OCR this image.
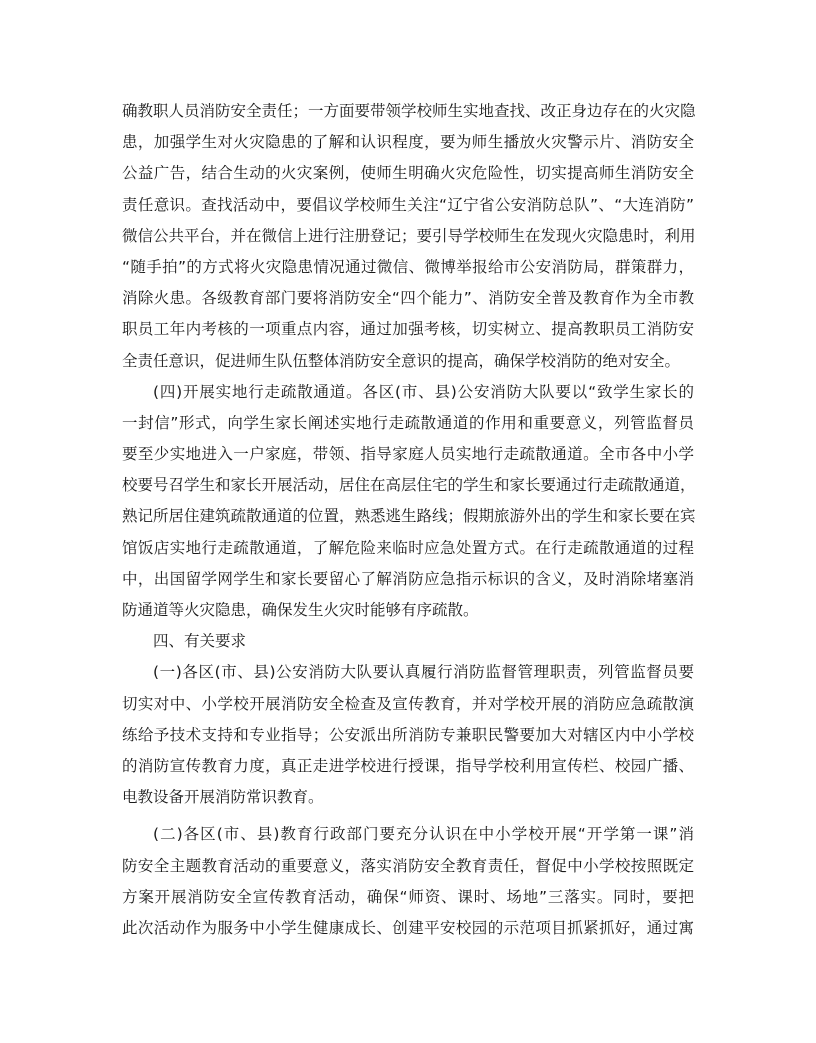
确教职人员消防安全责任；一方面要带领学校师生实地查找、改正身边存在的火灾隐
患，加强学生对火灾隐患的了解和认识程度，要为师生播放火灾警示片、消防安全
公益广告，结合生动的火灾案例，使师生明确火灾危险性，切实提高师生消防安全
责任意识。查找活动中，要倡议学校师生关注“辽宁省公安消防总队”、“大连消防”
微信公共平台，并在微信上进行注册登记；要引导学校师生在发现火灾隐患时，利用
“随手拍”的方式将火灾隐患情况通过微信、微博举报给市公安消防局，群策群力，
消除火患。各级教育部门要将消防安全“四个能力”、消防安全普及教育作为全市教
职员工年内考核的一项重点内容，通过加强考核，切实树立、提高教职员工消防安
全责任意识，促进师生队伍整体消防安全意识的提高，确保学校消防的绝对安全。
(四)开展实地行走疏散通道。各区(市、县)公安消防大队要以“致学生家长的
一封信”形式，向学生家长阐述实地行走疏散通道的作用和重要意义，列管监督员
要至少实地进入一户家庭，带领、指导家庭人员实地行走疏散通道。全市各中小学
校要号召学生和家长开展活动，居住在高层住宅的学生和家长要通过行走疏散通道，
熟记所居住建筑疏散通道的位置，熟悉逃生路线；假期旅游外出的学生和家长要在宾
馆饭店实地行走疏散通道，了解危险来临时应急处置方式。在行走疏散通道的过程
中，出国留学网学生和家长要留心了解消防应急指示标识的含义，及时消除堵塞消
防通道等火灾隐患，确保发生火灾时能够有序疏散。
四、有关要求
(一)各区(市、县)公安消防大队要认真履行消防监督管理职责，列管监督员要
切实对中、小学校开展消防安全检查及宣传教育，并对学校开展的消防应急疏散演
练给予技术支持和专业指导；公安派出所消防专兼职民警要加大对辖区内中小学校
的消防宣传教育力度，真正走进学校进行授课，指导学校利用宣传栏、校园广播、
电教设备开展消防常识教育。
(二)各区(市、县)教育行政部门要充分认识在中小学校开展“开学第一课”消
防安全主题教育活动的重要意义，落实消防安全教育责任，督促中小学校按照既定
方案开展消防安全宣传教育活动，确保“师资、课时、场地”三落实。同时，要把
此次活动作为服务中小学生健康成长、创建平安校园的示范项目抓紧抓好，通过寓
